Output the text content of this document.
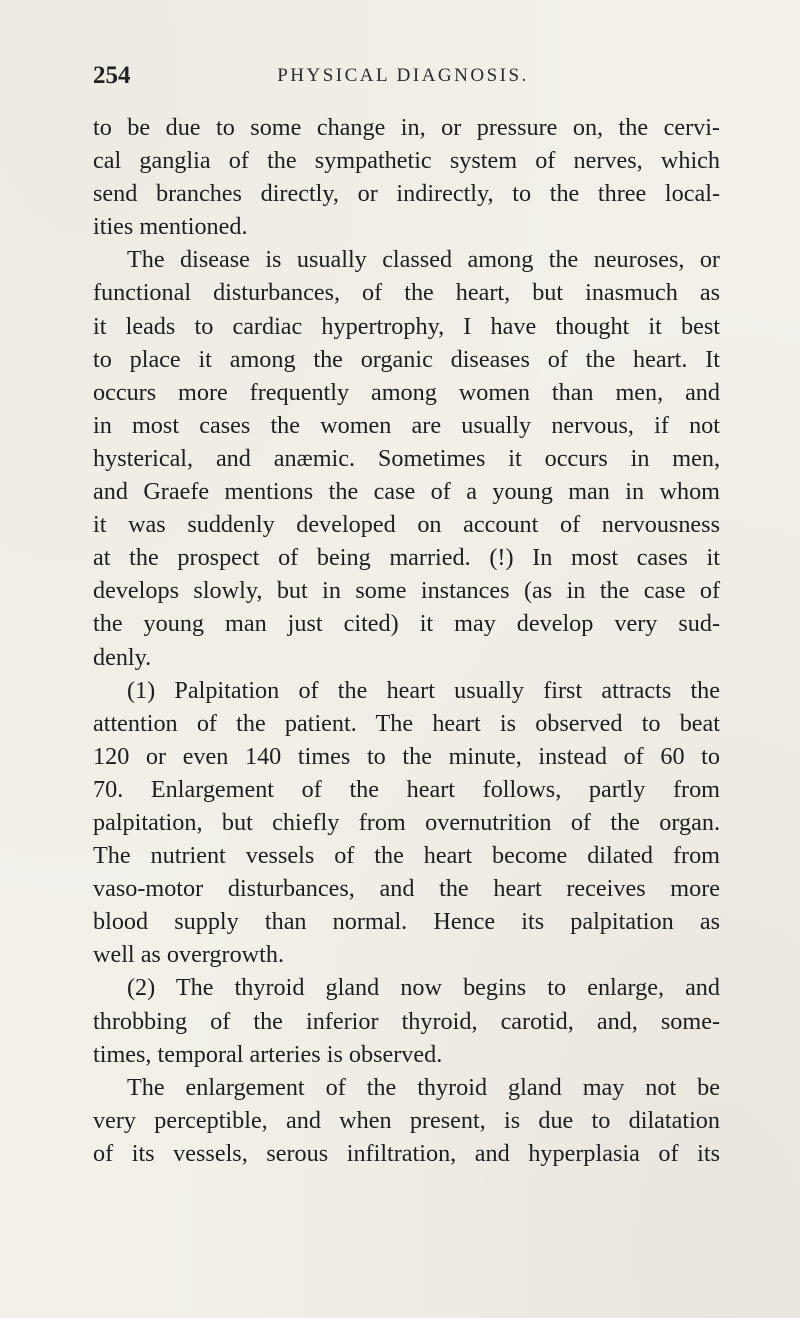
254	PHYSICAL DIAGNOSIS.
to be due to some change in, or pressure on, the cervi-
cal ganglia of the sympathetic system of nerves, which
send branches directly, or indirectly, to the three local-
ities mentioned.
The disease is usually classed among the neuroses, or
functional disturbances, of the heart, but inasmuch as
it leads to cardiac hypertrophy, I have thought it best
to place it among the organic diseases of the heart. It
occurs more frequently among women than men, and
in most cases the women are usually nervous, if not
hysterical, and anæmic. Sometimes it occurs in men,
and Graefe mentions the case of a young man in whom
it was suddenly developed on account of nervousness
at the prospect of being married. (!) In most cases it
develops slowly, but in some instances (as in the case of
the young man just cited) it may develop very sud-
denly.
(1) Palpitation of the heart usually first attracts the
attention of the patient. The heart is observed to beat
120 or even 140 times to the minute, instead of 60 to
70. Enlargement of the heart follows, partly from
palpitation, but chiefly from overnutrition of the organ.
The nutrient vessels of the heart become dilated from
vaso-motor disturbances, and the heart receives more
blood supply than normal. Hence its palpitation as
well as overgrowth.
(2) The thyroid gland now begins to enlarge, and
throbbing of the inferior thyroid, carotid, and, some-
times, temporal arteries is observed.
The enlargement of the thyroid gland may not be
very perceptible, and when present, is due to dilatation
of its vessels, serous infiltration, and hyperplasia of its
